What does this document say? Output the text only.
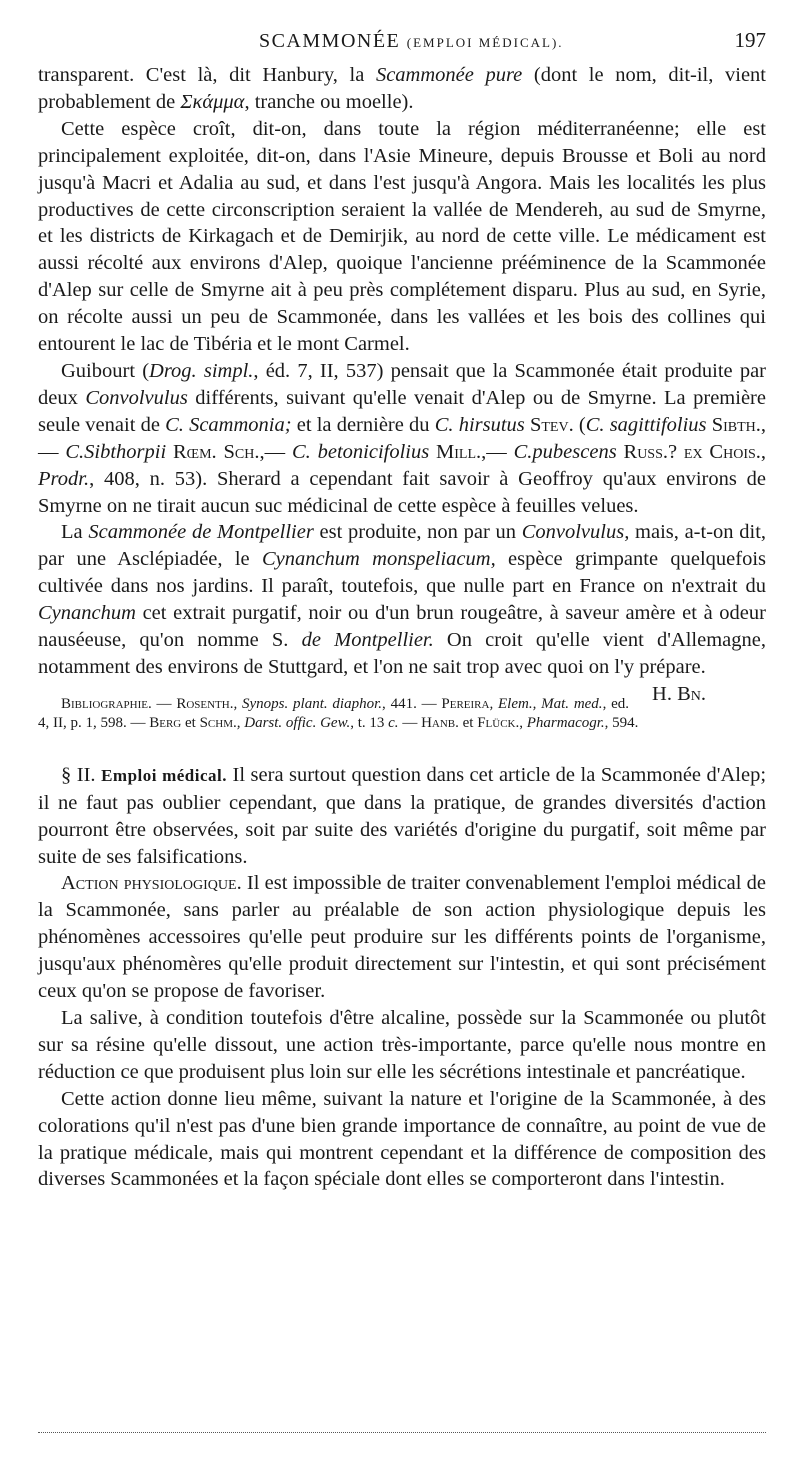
SCAMMONÉE (EMPLOI MÉDICAL).	197

transparent. C'est là, dit Hanbury, la Scammonée pure (dont le nom, dit-il, vient probablement de Σκάμμα, tranche ou moelle).

Cette espèce croît, dit-on, dans toute la région méditerranéenne; elle est principalement exploitée, dit-on, dans l'Asie Mineure, depuis Brousse et Boli au nord jusqu'à Macri et Adalia au sud, et dans l'est jusqu'à Angora. Mais les localités les plus productives de cette circonscription seraient la vallée de Mendereh, au sud de Smyrne, et les districts de Kirkagach et de Demirjik, au nord de cette ville. Le médicament est aussi récolté aux environs d'Alep, quoique l'ancienne prééminence de la Scammonée d'Alep sur celle de Smyrne ait à peu près complétement disparu. Plus au sud, en Syrie, on récolte aussi un peu de Scammonée, dans les vallées et les bois des collines qui entourent le lac de Tibéria et le mont Carmel.

Guibourt (Drog. simpl., éd. 7, II, 537) pensait que la Scammonée était produite par deux Convolvulus différents, suivant qu'elle venait d'Alep ou de Smyrne. La première seule venait de C. Scammonia; et la dernière du C. hirsutus Stev. (C. sagittifolius Sibth.,— C.Sibthorpii Rœm. Sch.,— C. betonicifolius Mill.,— C.pubescens Russ.? ex Chois., Prodr., 408, n. 53). Sherard a cependant fait savoir à Geoffroy qu'aux environs de Smyrne on ne tirait aucun suc médicinal de cette espèce à feuilles velues.

La Scammonée de Montpellier est produite, non par un Convolvulus, mais, a-t-on dit, par une Asclépiadée, le Cynanchum monspeliacum, espèce grimpante quelquefois cultivée dans nos jardins. Il paraît, toutefois, que nulle part en France on n'extrait du Cynanchum cet extrait purgatif, noir ou d'un brun rougeâtre, à saveur amère et à odeur nauséeuse, qu'on nomme S. de Montpellier. On croit qu'elle vient d'Allemagne, notamment des environs de Stuttgard, et l'on ne sait trop avec quoi on l'y prépare.
H. Bn.

Bibliographie. — Rosenth., Synops. plant. diaphor., 441. — Pereira, Elem., Mat. med., ed. 4, II, p. 1, 598. — Berg et Schm., Darst. offic. Gew., t. 13 c. — Hanb. et Flück., Pharmacogr., 594.

§ II. Emploi médical. Il sera surtout question dans cet article de la Scammonée d'Alep; il ne faut pas oublier cependant, que dans la pratique, de grandes diversités d'action pourront être observées, soit par suite des variétés d'origine du purgatif, soit même par suite de ses falsifications.

Action physiologique. Il est impossible de traiter convenablement l'emploi médical de la Scammonée, sans parler au préalable de son action physiologique depuis les phénomènes accessoires qu'elle peut produire sur les différents points de l'organisme, jusqu'aux phénomères qu'elle produit directement sur l'intestin, et qui sont précisément ceux qu'on se propose de favoriser.

La salive, à condition toutefois d'être alcaline, possède sur la Scammonée ou plutôt sur sa résine qu'elle dissout, une action très-importante, parce qu'elle nous montre en réduction ce que produisent plus loin sur elle les sécrétions intestinale et pancréatique.

Cette action donne lieu même, suivant la nature et l'origine de la Scammonée, à des colorations qu'il n'est pas d'une bien grande importance de connaître, au point de vue de la pratique médicale, mais qui montrent cependant et la différence de composition des diverses Scammonées et la façon spéciale dont elles se comporteront dans l'intestin.
